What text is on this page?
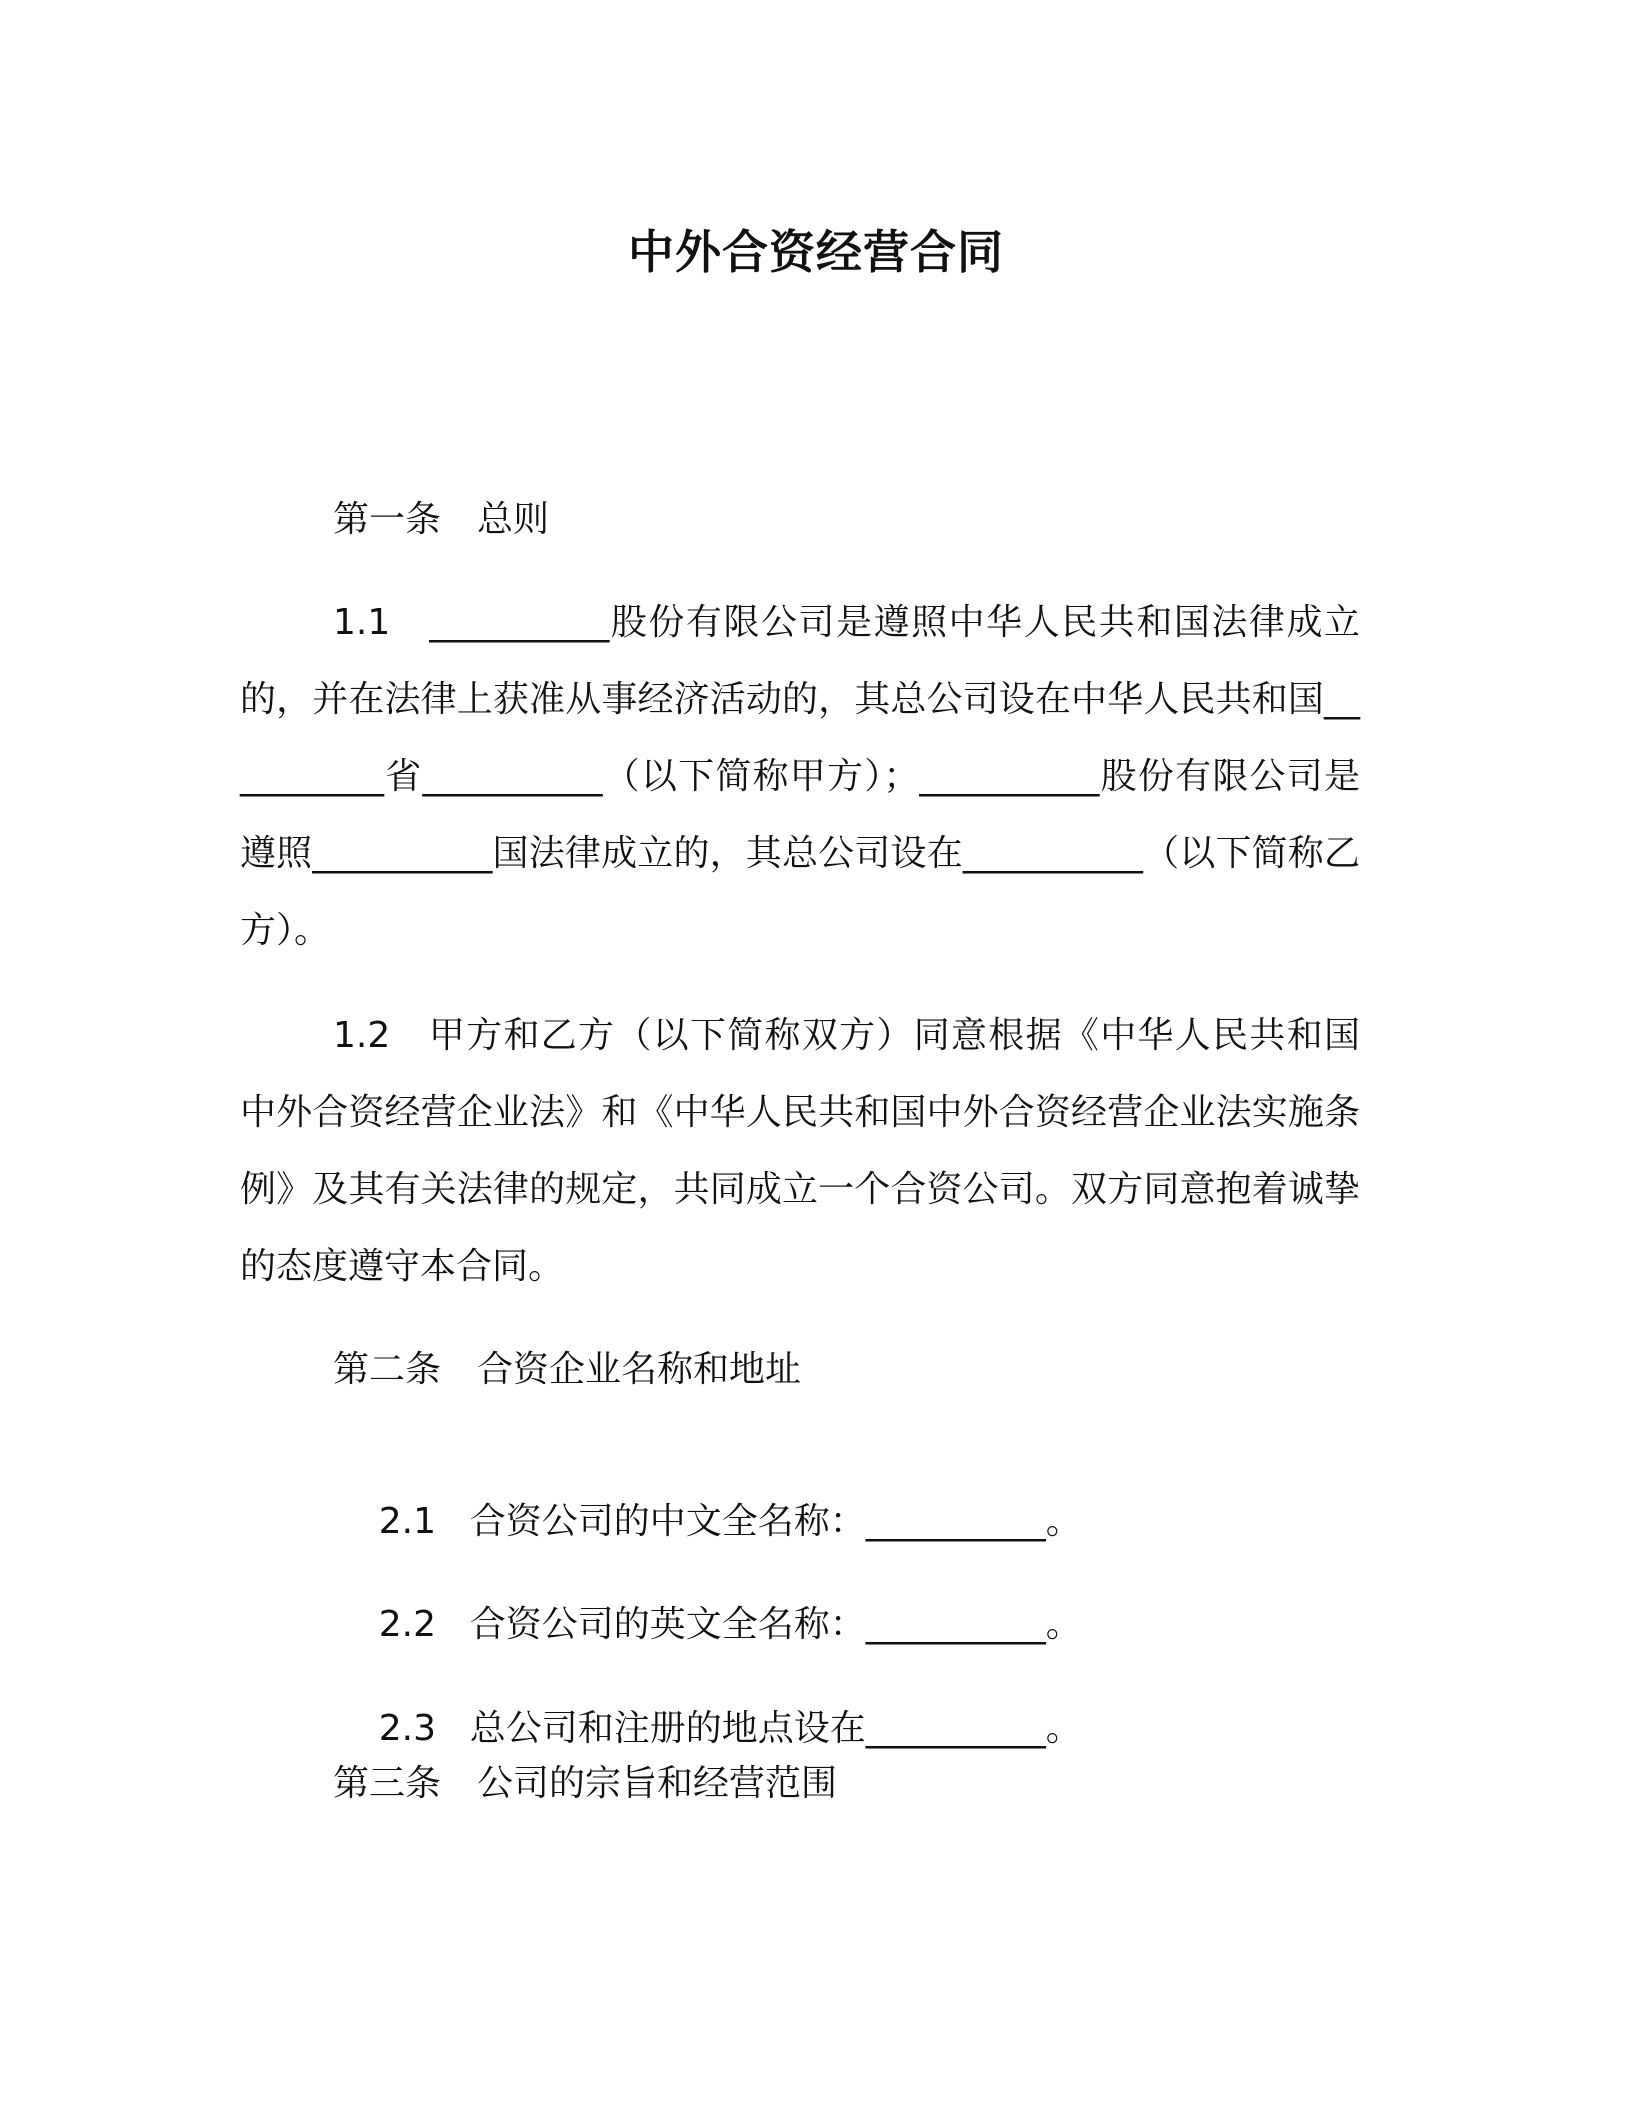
中外合资经营合同
第一条　总则
1.1　__________股份有限公司是遵照中华人民共和国法律成立的，并在法律上获准从事经济活动的，其总公司设在中华人民共和国__________省__________（以下简称甲方）；__________股份有限公司是遵照__________国法律成立的，其总公司设在__________（以下简称乙方）。
1.2　甲方和乙方（以下简称双方）同意根据《中华人民共和国中外合资经营企业法》和《中华人民共和国中外合资经营企业法实施条例》及其有关法律的规定，共同成立一个合资公司。双方同意抱着诚挚的态度遵守本合同。
第二条　合资企业名称和地址

2.1 合资公司的中文全名称：__________。

2.2 合资公司的英文全名称：__________。

2.3 总公司和注册的地点设在__________。

第三条　公司的宗旨和经营范围
